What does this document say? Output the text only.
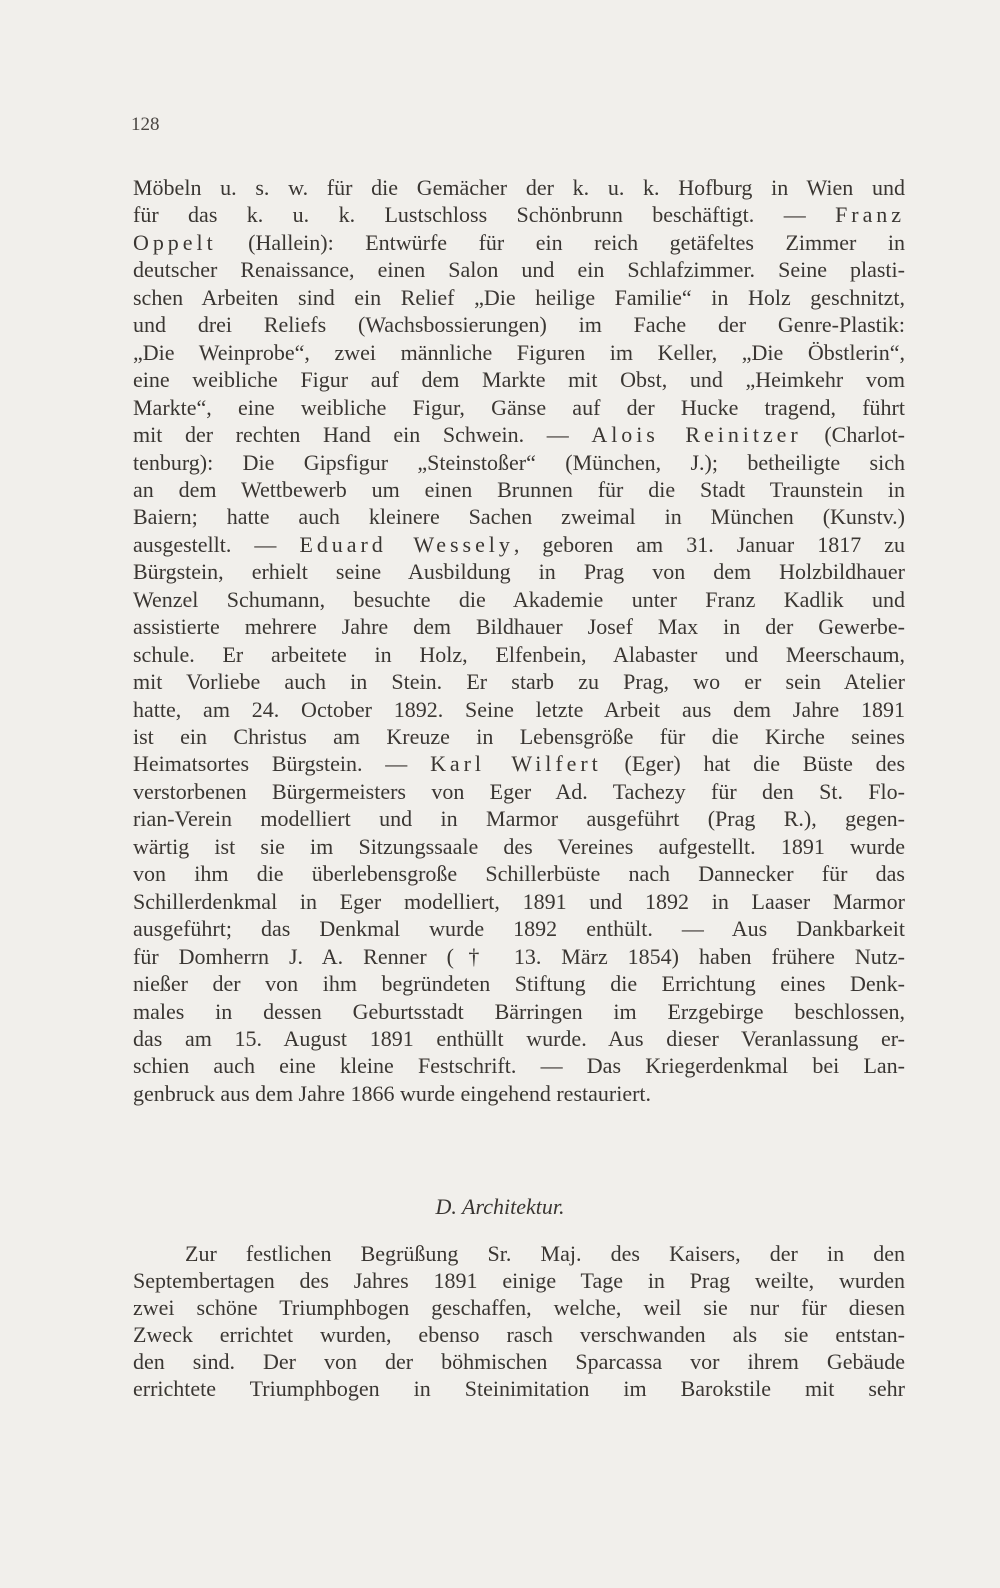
128
Möbeln u. s. w. für die Gemächer der k. u. k. Hofburg in Wien und
für das k. u. k. Lustschloss Schönbrunn beschäftigt. — Franz
Oppelt (Hallein): Entwürfe für ein reich getäfeltes Zimmer in
deutscher Renaissance, einen Salon und ein Schlafzimmer. Seine plasti-
schen Arbeiten sind ein Relief „Die heilige Familie“ in Holz geschnitzt,
und drei Reliefs (Wachsbossierungen) im Fache der Genre-Plastik:
„Die Weinprobe“, zwei männliche Figuren im Keller, „Die Öbstlerin“,
eine weibliche Figur auf dem Markte mit Obst, und „Heimkehr vom
Markte“, eine weibliche Figur, Gänse auf der Hucke tragend, führt
mit der rechten Hand ein Schwein. — Alois Reinitzer (Charlot-
tenburg): Die Gipsfigur „Steinstoßer“ (München, J.); betheiligte sich
an dem Wettbewerb um einen Brunnen für die Stadt Traunstein in
Baiern; hatte auch kleinere Sachen zweimal in München (Kunstv.)
ausgestellt. — Eduard Wessely, geboren am 31. Januar 1817 zu
Bürgstein, erhielt seine Ausbildung in Prag von dem Holzbildhauer
Wenzel Schumann, besuchte die Akademie unter Franz Kadlik und
assistierte mehrere Jahre dem Bildhauer Josef Max in der Gewerbe-
schule. Er arbeitete in Holz, Elfenbein, Alabaster und Meerschaum,
mit Vorliebe auch in Stein. Er starb zu Prag, wo er sein Atelier
hatte, am 24. October 1892. Seine letzte Arbeit aus dem Jahre 1891
ist ein Christus am Kreuze in Lebensgröße für die Kirche seines
Heimatsortes Bürgstein. — Karl Wilfert (Eger) hat die Büste des
verstorbenen Bürgermeisters von Eger Ad. Tachezy für den St. Flo-
rian-Verein modelliert und in Marmor ausgeführt (Prag R.), gegen-
wärtig ist sie im Sitzungssaale des Vereines aufgestellt. 1891 wurde
von ihm die überlebensgroße Schillerbüste nach Dannecker für das
Schillerdenkmal in Eger modelliert, 1891 und 1892 in Laaser Marmor
ausgeführt; das Denkmal wurde 1892 enthült. — Aus Dankbarkeit
für Domherrn J. A. Renner († 13. März 1854) haben frühere Nutz-
nießer der von ihm begründeten Stiftung die Errichtung eines Denk-
males in dessen Geburtsstadt Bärringen im Erzgebirge beschlossen,
das am 15. August 1891 enthüllt wurde. Aus dieser Veranlassung er-
schien auch eine kleine Festschrift. — Das Kriegerdenkmal bei Lan-
genbruck aus dem Jahre 1866 wurde eingehend restauriert.
D. Architektur.
Zur festlichen Begrüßung Sr. Maj. des Kaisers, der in den
Septembertagen des Jahres 1891 einige Tage in Prag weilte, wurden
zwei schöne Triumphbogen geschaffen, welche, weil sie nur für diesen
Zweck errichtet wurden, ebenso rasch verschwanden als sie entstan-
den sind. Der von der böhmischen Sparcassa vor ihrem Gebäude
errichtete Triumphbogen in Steinimitation im Barokstile mit sehr
